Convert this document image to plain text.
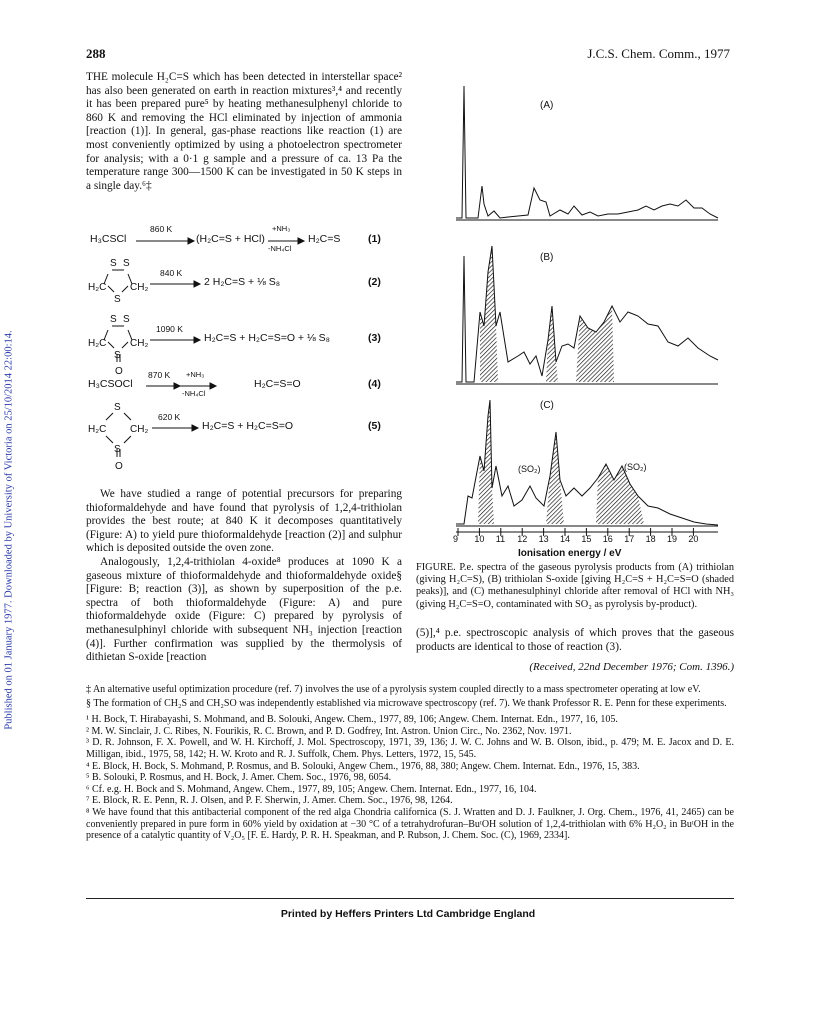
Published on 01 January 1977. Downloaded by University of Victoria on 25/10/2014 22:00:14.
288	J.C.S. Chem. Comm., 1977

THE molecule H₂C=S which has been detected in interstellar space² has also been generated on earth in reaction mixtures³,⁴ and recently it has been prepared pure⁵ by heating methanesulphenyl chloride to 860 K and removing the HCl eliminated by injection of ammonia [reaction (1)]. In general, gas-phase reactions like reaction (1) are most conveniently optimized by using a photoelectron spectrometer for analysis; with a 0·1 g sample and a pressure of ca. 13 Pa the temperature range 300—1500 K can be investigated in 50 K steps in a single day.⁶‡

S S
S
H₂C CH₂
S S
S
O
H₂C CH₂
S
S
O
H₂C CH₂
H₃CSCl
860 K
(H₂C=S + HCl)
+NH₃
-NH₄Cl
H₂C=S	(1)
840 K
2 H₂C=S + ⅛ S₈	(2)
1090 K
H₂C=S + H₂C=S=O + ⅛ S₈	(3)
H₃CSOCl
870 K +NH₃
-NH₄Cl
H₂C=S=O	(4)
620 K
H₂C=S + H₂C=S=O	(5)

We have studied a range of potential precursors for preparing thioformaldehyde and have found that pyrolysis of 1,2,4-trithiolan provides the best route; at 840 K it decomposes quantitatively (Figure: A) to yield pure thioformaldehyde [reaction (2)] and sulphur which is deposited outside the oven zone.

Analogously, 1,2,4-trithiolan 4-oxide⁸ produces at 1090 K a gaseous mixture of thioformaldehyde and thioformaldehyde oxide§ [Figure: B; reaction (3)], as shown by superposition of the p.e. spectra of both thioformaldehyde (Figure: A) and pure thioformaldehyde oxide (Figure: C) prepared by pyrolysis of methanesulphinyl chloride with subsequent NH₃ injection [reaction (4)]. Further confirmation was supplied by the thermolysis of dithietan S-oxide [reaction

(A)
(B)
(C)
(SO₂)	(SO₂)
9 10 11 12 13 14 15 16 17 18 19 20
Ionisation energy / eV
FIGURE. P.e. spectra of the gaseous pyrolysis products from (A) trithiolan (giving H₂C=S), (B) trithiolan S-oxide [giving H₂C=S + H₂C=S=O (shaded peaks)], and (C) methanesulphinyl chloride after removal of HCl with NH₃ (giving H₂C=S=O, contaminated with SO₂ as pyrolysis by-product).

(5)],⁴ p.e. spectroscopic analysis of which proves that the gaseous products are identical to those of reaction (3).

(Received, 22nd December 1976; Com. 1396.)

‡ An alternative useful optimization procedure (ref. 7) involves the use of a pyrolysis system coupled directly to a mass spectrometer operating at low eV.

§ The formation of CH₂S and CH₂SO was independently established via microwave spectroscopy (ref. 7). We thank Professor R. E. Penn for these experiments.

¹ H. Bock, T. Hirabayashi, S. Mohmand, and B. Solouki, Angew. Chem., 1977, 89, 106; Angew. Chem. Internat. Edn., 1977, 16, 105.

² M. W. Sinclair, J. C. Ribes, N. Fourikis, R. C. Brown, and P. D. Godfrey, Int. Astron. Union Circ., No. 2362, Nov. 1971.

³ D. R. Johnson, F. X. Powell, and W. H. Kirchoff, J. Mol. Spectroscopy, 1971, 39, 136; J. W. C. Johns and W. B. Olson, ibid., p. 479; M. E. Jacox and D. E. Milligan, ibid., 1975, 58, 142; H. W. Kroto and R. J. Suffolk, Chem. Phys. Letters, 1972, 15, 545.

⁴ E. Block, H. Bock, S. Mohmand, P. Rosmus, and B. Solouki, Angew Chem., 1976, 88, 380; Angew. Chem. Internat. Edn., 1976, 15, 383.

⁵ B. Solouki, P. Rosmus, and H. Bock, J. Amer. Chem. Soc., 1976, 98, 6054.

⁶ Cf. e.g. H. Bock and S. Mohmand, Angew. Chem., 1977, 89, 105; Angew. Chem. Internat. Edn., 1977, 16, 104.

⁷ E. Block, R. E. Penn, R. J. Olsen, and P. F. Sherwin, J. Amer. Chem. Soc., 1976, 98, 1264.

⁸ We have found that this antibacterial component of the red alga Chondria californica (S. J. Wratten and D. J. Faulkner, J. Org. Chem., 1976, 41, 2465) can be conveniently prepared in pure form in 60% yield by oxidation at −30 °C of a tetrahydrofuran–BuᵗOH solution of 1,2,4-trithiolan with 6% H₂O₂ in BuᵗOH in the presence of a catalytic quantity of V₂O₅ [F. E. Hardy, P. R. H. Speakman, and P. Rubson, J. Chem. Soc. (C), 1969, 2334].

Printed by Heffers Printers Ltd Cambridge England
